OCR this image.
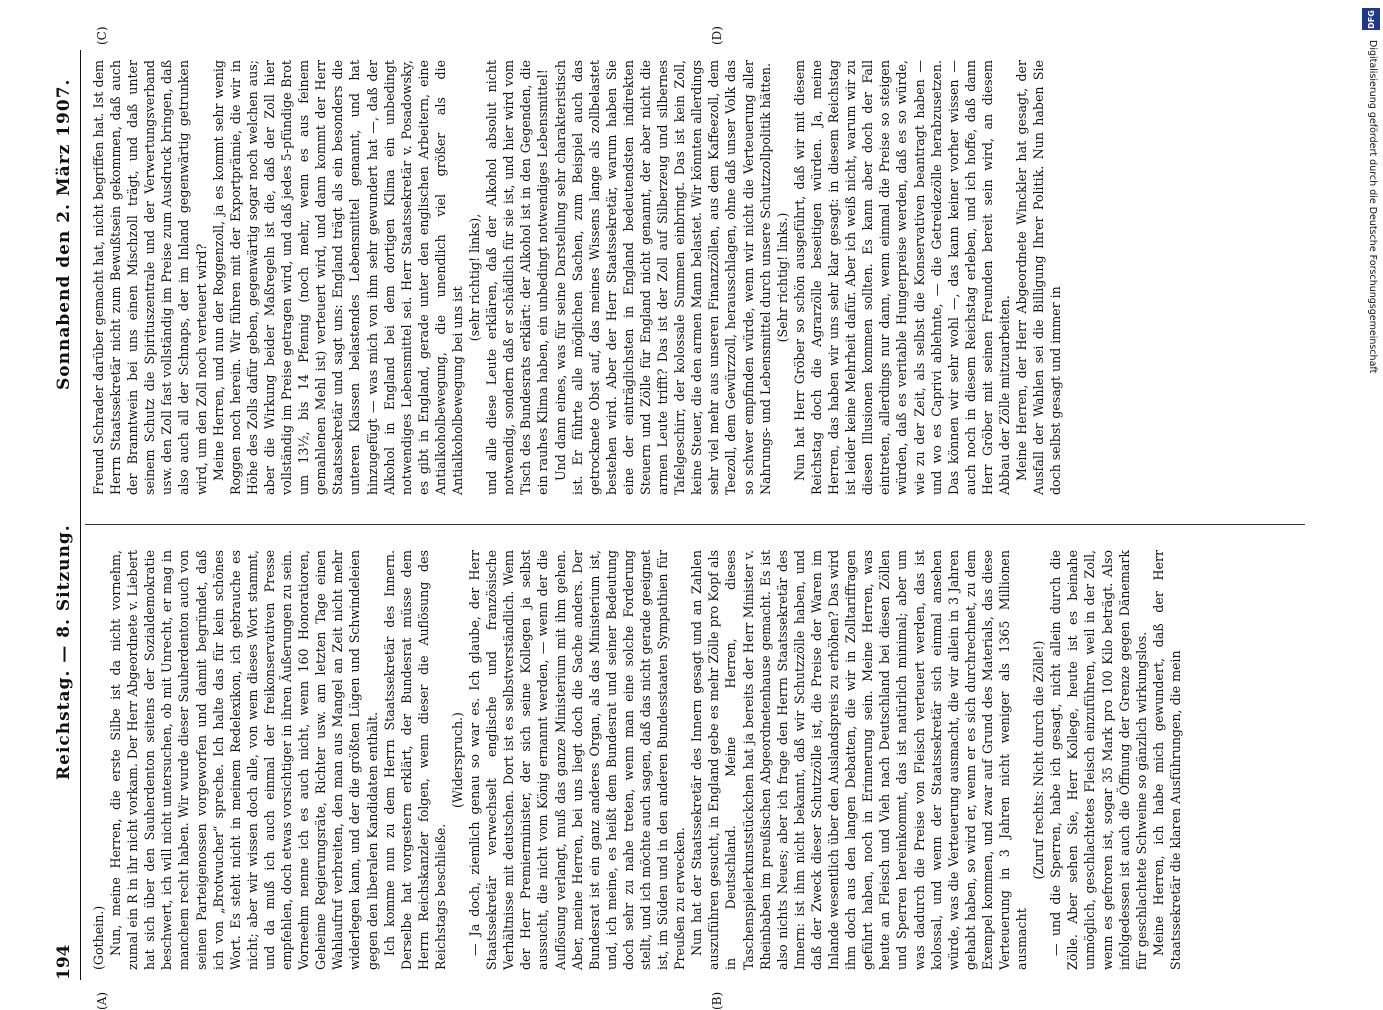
194
Reichstag. — 8. Sitzung.
Sonnabend den 2. März 1907.
(A)	(B)
(C)	(D)

(Gothein.) Nun, meine Herren, die erste Silbe ist da nicht vornehm, zumal ein R in ihr nicht vorkam. Der Herr Abgeordnete v. Liebert hat sich über den Sauherdenton seitens der Sozialdemokratie beschwert, ich will nicht untersuchen, ob mit Unrecht, er mag in manchem recht haben. Wir wurde dieser Sauherdenton auch von seinen Parteigenossen vorgeworfen und damit begründet, daß ich von „Brotwucher“ spreche. Ich halte das für kein schönes Wort. Es steht nicht in meinem Redelexikon, ich gebrauche es nicht; aber wir wissen doch alle, von wem dieses Wort stammt, und da muß ich auch einmal der freikonservativen Presse empfehlen, doch etwas vorsichtiger in ihren Äußerungen zu sein. Vorneehm nenne ich es auch nicht, wenn 160 Honoratioren, Geheime Regierungsräte, Richter usw. am letzten Tage einen Wahlaufruf verbreiten, den man aus Mangel an Zeit nicht mehr widerlegen kann, und der die größten Lügen und Schwindeleien gegen den liberalen Kandidaten enthält. Ich komme nun zu dem Herrn Staatssekretär des Innern. Derselbe hat vorgestern erklärt, der Bundesrat müsse dem Herrn Reichskanzler folgen, wenn dieser die Auflösung des Reichstags beschließe.

(Widerspruch.) — Ja doch, ziemlich genau so war es. Ich glaube, der Herr Staatssekretär verwechselt englische und französische Verhältnisse mit deutschen. Dort ist es selbstverständlich. Wenn der Herr Premierminister, der sich seine Kollegen ja selbst aussucht, die nicht vom König ernannt werden, — wenn der die Auflösung verlangt, muß das ganze Ministerium mit ihm gehen. Aber, meine Herren, bei uns liegt doch die Sache anders. Der Bundesrat ist ein ganz anderes Organ, als das Ministerium ist, und, ich meine, es heißt dem Bundesrat und seiner Bedeutung doch sehr zu nahe treten, wenn man eine solche Forderung stellt, und ich möchte auch sagen, daß das nicht gerade geeignet ist, im Süden und in den anderen Bundesstaaten Sympathien für Preußen zu erwecken. Nun hat der Staatssekretär des Innern gesagt und an Zahlen auszuführen gesucht, in England gebe es mehr Zölle pro Kopf als in Deutschland. Meine Herren, dieses Taschenspielerkunststückchen hat ja bereits der Herr Minister v. Rheinbaben im preußischen Abgeordnetenhause gemacht. Es ist also nichts Neues; aber ich frage den Herrn Staatssekretär des Innern: ist ihm nicht bekannt, daß wir Schutzzölle haben, und daß der Zweck dieser Schutzzölle ist, die Preise der Waren im Inlande wesentlich über den Auslandspreis zu erhöhen? Das wird ihm doch aus den langen Debatten, die wir in Zolltariffragen geführt haben, noch in Erinnerung sein. Meine Herren, was heute an Fleisch und Vieh nach Deutschland bei diesen Zöllen und Sperren hereinkommt, das ist natürlich minimal; aber um was dadurch die Preise von Fleisch verteuert werden, das ist kolossal, und wenn der Staatssekretär sich einmal ansehen würde, was die Verteuerung ausmacht, die wir allein in 3 Jahren gehabt haben, so wird er, wenn er es sich durchrechnet, zu dem Exempel kommen, und zwar auf Grund des Materials, das diese Verteuerung in 3 Jahren nicht weniger als 1365 Millionen ausmacht

(Zuruf rechts: Nicht durch die Zölle!) — und die Sperren, habe ich gesagt, nicht allein durch die Zölle. Aber sehen Sie, Herr Kollege, heute ist es beinahe unmöglich, geschlachtetes Fleisch einzuführen, weil in der Zoll, wenn es gefroren ist, sogar 35 Mark pro 100 Kilo beträgt. Also infolgedessen ist auch die Öffnung der Grenze gegen Dänemark für geschlachtete Schweine so gänzlich wirkungslos. Meine Herren, ich habe mich gewundert, daß der Herr Staatssekretär die klaren Ausführungen, die mein

Freund Schrader darüber gemacht hat, nicht begriffen hat. Ist dem Herrn Staatssekretär nicht zum Bewußtsein gekommen, daß auch der Branntwein bei uns einen Mischzoll trägt, und daß unter seinem Schutz die Spirituszentrale und der Verwertungsverband usw. den Zoll fast vollständig im Preise zum Ausdruck bringen, daß also auch all der Schnaps, der im Inland gegenwärtig getrunken wird, um den Zoll noch verteuert wird? Meine Herren, und nun der Roggenzoll, ja es kommt sehr wenig Roggen noch herein. Wir führen mit der Exportprämie, die wir in Höhe des Zolls dafür geben, gegenwärtig sogar noch welchen aus; aber die Wirkung beider Maßregeln ist die, daß der Zoll hier vollständig im Preise getragen wird, und daß jedes 5-pfündige Brot um 13½, bis 14 Pfennig (noch mehr, wenn es aus feinem gemahlenen Mehl ist) verteuert wird, und dann kommt der Herr Staatssekretär und sagt uns: England trägt als ein besonders die unteren Klassen belastendes Lebensmittel genannt, und hat hinzugefügt — was mich von ihm sehr gewundert hat —, daß der Alkohol in England bei dem dortigen Klima ein unbedingt notwendiges Lebensmittel sei. Herr Staatssekretär v. Posadowsky, es gibt in England, gerade unter den englischen Arbeitern, eine Antialkoholbewegung, die unendlich viel größer als die Antialkoholbewegung bei uns ist

(sehr richtig! links), und alle diese Leute erklären, daß der Alkohol absolut nicht notwendig, sondern daß er schädlich für sie ist, und hier wird vom Tisch des Bundesrats erklärt: der Alkohol ist in den Gegenden, die ein rauhes Klima haben, ein unbedingt notwendiges Lebensmittel! Und dann eines, was für seine Darstellung sehr charakteristisch ist. Er führte alle möglichen Sachen, zum Beispiel auch das getrocknete Obst auf, das meines Wissens lange als zollbelastet bestehen wird. Aber der Herr Staatssekretär, warum haben Sie eine der einträglichsten in England bedeutendsten indirekten Steuern und Zölle für England nicht genannt, der aber nicht die armen Leute trifft? Das ist der Zoll auf Silberzeug und silbernes Tafelgeschirr, der kolossale Summen einbringt. Das ist kein Zoll, keine Steuer, die den armen Mann belastet. Wir könnten allerdings sehr viel mehr aus unseren Finanzzöllen, aus dem Kaffeezoll, dem Teezoll, dem Gewürzzoll, herausschlagen, ohne daß unser Volk das so schwer empfinden würde, wenn wir nicht die Verteuerung aller Nahrungs- und Lebensmittel durch unsere Schutzzollpolitik hätten. (Sehr richtig! links.) Nun hat Herr Gröber so schön ausgeführt, daß wir mit diesem Reichstag doch die Agrarzölle beseitigen würden. Ja, meine Herren, das haben wir uns sehr klar gesagt: in diesem Reichstag ist leider keine Mehrheit dafür. Aber ich weiß nicht, warum wir zu diesen Illusionen kommen sollten. Es kann aber doch der Fall eintreten, allerdings nur dann, wenn einmal die Preise so steigen würden, daß es veritable Hungerpreise werden, daß es so würde, wie zu der Zeit, als selbst die Konservativen beantragt haben — und wo es Caprivi ablehnte, — die Getreidezölle herabzusetzen. Das können wir sehr wohl —, das kann keiner vorher wissen — auch noch in diesem Reichstag erleben, und ich hoffe, daß dann Herr Gröber mit seinen Freunden bereit sein wird, an diesem Abbau der Zölle mitzuarbeiten. Meine Herren, der Herr Abgeordnete Winckler hat gesagt, der Ausfall der Wahlen sei die Billigung Ihrer Politik. Nun haben Sie doch selbst gesagt und immer in

DFG
Digitalisierung gefördert durch die Deutsche Forschungsgemeinschaft
